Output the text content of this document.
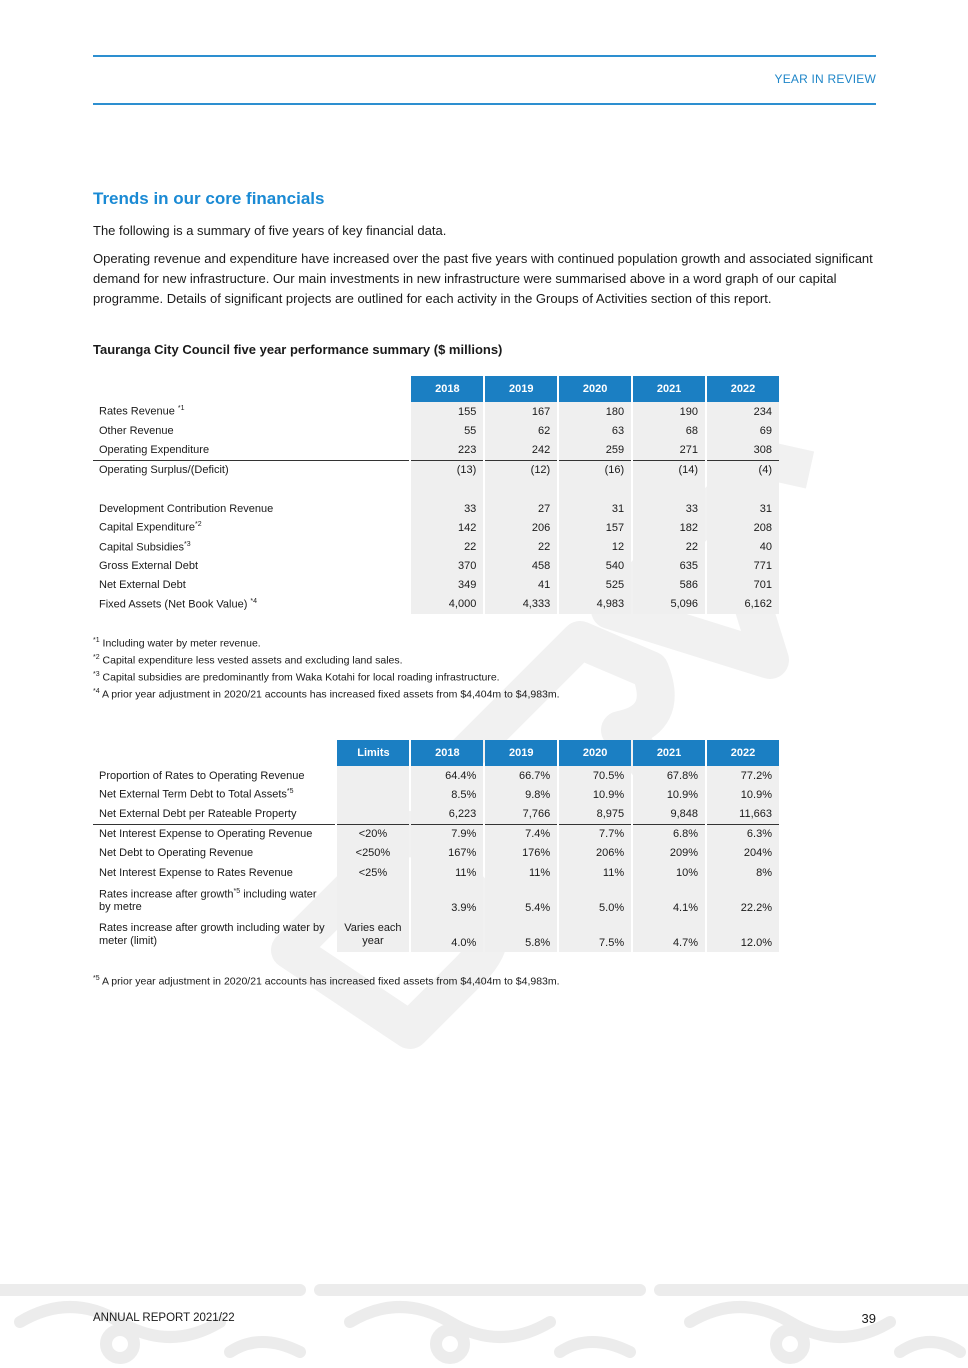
YEAR IN REVIEW
Trends in our core financials

The following is a summary of five years of key financial data.

Operating revenue and expenditure have increased over the past five years with continued population growth and associated significant demand for new infrastructure. Our main investments in new infrastructure were summarised above in a word graph of our capital programme. Details of significant projects are outlined for each activity in the Groups of Activities section of this report.

Tauranga City Council five year performance summary ($ millions)

	2018	2019	2020	2021	2022
Rates Revenue $^{*1}$	155	167	180	190	234
Other Revenue	55	62	63	68	69
Operating Expenditure	223	242	259	271	308
Operating Surplus/(Deficit)	(13)	(12)	(16)	(14)	(4)

Development Contribution Revenue	33	27	31	33	31
Capital Expenditure$^{*2}$	142	206	157	182	208
Capital Subsidies$^{*3}$	22	22	12	22	40
Gross External Debt	370	458	540	635	771
Net External Debt	349	41	525	586	701
Fixed Assets (Net Book Value) $^{*4}$	4,000	4,333	4,983	5,096	6,162
$^{*1}$ Including water by meter revenue.
$^{*2}$ Capital expenditure less vested assets and excluding land sales.
$^{*3}$ Capital subsidies are predominantly from Waka Kotahi for local roading infrastructure.
$^{*4}$ A prior year adjustment in 2020/21 accounts has increased fixed assets from $4,404m to $4,983m.
	Limits	2018	2019	2020	2021	2022
Proportion of Rates to Operating Revenue		64.4%	66.7%	70.5%	67.8%	77.2%
Net External Term Debt to Total Assets$^{*5}$		8.5%	9.8%	10.9%	10.9%	10.9%
Net External Debt per Rateable Property		6,223	7,766	8,975	9,848	11,663
Net Interest Expense to Operating Revenue	<20%	7.9%	7.4%	7.7%	6.8%	6.3%
Net Debt to Operating Revenue	<250%	167%	176%	206%	209%	204%
Net Interest Expense to Rates Revenue	<25%	11%	11%	11%	10%	8%
Rates increase after growth$^{*5}$ including water by metre		3.9%	5.4%	5.0%	4.1%	22.2%
Rates increase after growth including water by meter (limit)	Varies each year	4.0%	5.8%	7.5%	4.7%	12.0%
$^{*5}$ A prior year adjustment in 2020/21 accounts has increased fixed assets from $4,404m to $4,983m.
ANNUAL REPORT 2021/22	39
